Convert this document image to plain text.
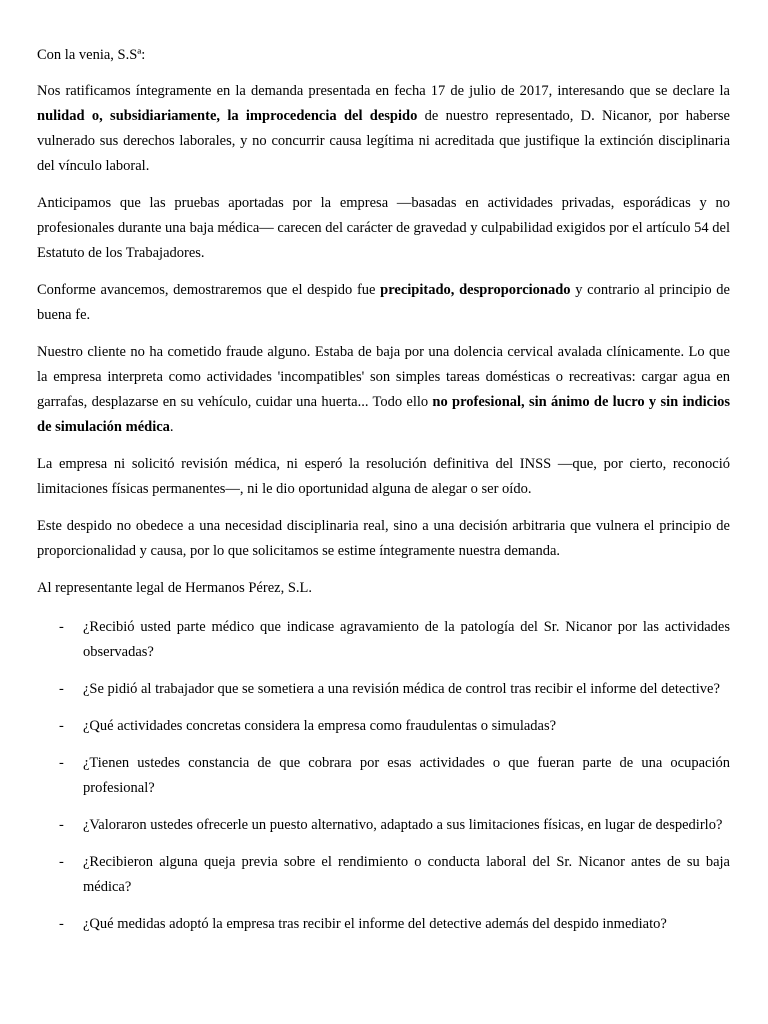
Con la venia, S.Sª:

Nos ratificamos íntegramente en la demanda presentada en fecha 17 de julio de 2017, interesando que se declare la nulidad o, subsidiariamente, la improcedencia del despido de nuestro representado, D. Nicanor, por haberse vulnerado sus derechos laborales, y no concurrir causa legítima ni acreditada que justifique la extinción disciplinaria del vínculo laboral.

Anticipamos que las pruebas aportadas por la empresa —basadas en actividades privadas, esporádicas y no profesionales durante una baja médica— carecen del carácter de gravedad y culpabilidad exigidos por el artículo 54 del Estatuto de los Trabajadores.

Conforme avancemos, demostraremos que el despido fue precipitado, desproporcionado y contrario al principio de buena fe.

Nuestro cliente no ha cometido fraude alguno. Estaba de baja por una dolencia cervical avalada clínicamente. Lo que la empresa interpreta como actividades 'incompatibles' son simples tareas domésticas o recreativas: cargar agua en garrafas, desplazarse en su vehículo, cuidar una huerta... Todo ello no profesional, sin ánimo de lucro y sin indicios de simulación médica.

La empresa ni solicitó revisión médica, ni esperó la resolución definitiva del INSS —que, por cierto, reconoció limitaciones físicas permanentes—, ni le dio oportunidad alguna de alegar o ser oído.

Este despido no obedece a una necesidad disciplinaria real, sino a una decisión arbitraria que vulnera el principio de proporcionalidad y causa, por lo que solicitamos se estime íntegramente nuestra demanda.

Al representante legal de Hermanos Pérez, S.L.

- ¿Recibió usted parte médico que indicase agravamiento de la patología del Sr. Nicanor por las actividades observadas?
- ¿Se pidió al trabajador que se sometiera a una revisión médica de control tras recibir el informe del detective?
- ¿Qué actividades concretas considera la empresa como fraudulentas o simuladas?
- ¿Tienen ustedes constancia de que cobrara por esas actividades o que fueran parte de una ocupación profesional?
- ¿Valoraron ustedes ofrecerle un puesto alternativo, adaptado a sus limitaciones físicas, en lugar de despedirlo?
- ¿Recibieron alguna queja previa sobre el rendimiento o conducta laboral del Sr. Nicanor antes de su baja médica?
- ¿Qué medidas adoptó la empresa tras recibir el informe del detective además del despido inmediato?
